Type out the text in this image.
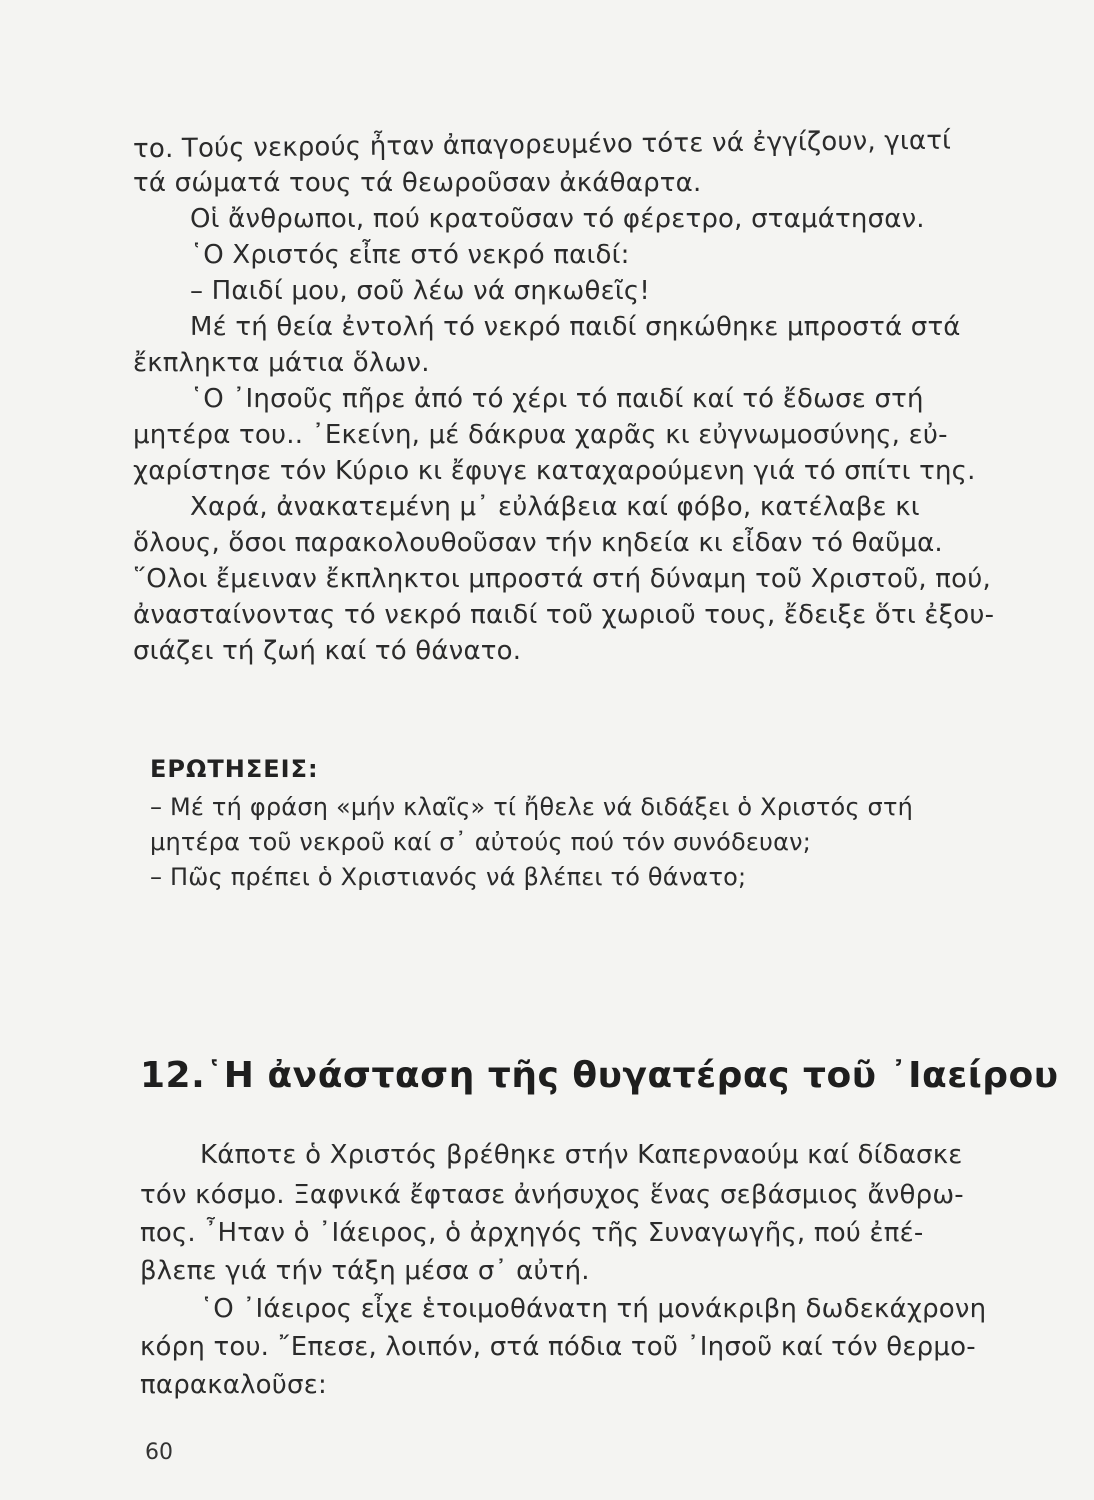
το. Τούς νεκρούς ἦταν ἀπαγορευμένο τότε νά ἐγγίζουν, γιατί
τά σώματά τους τά θεωροῦσαν ἀκάθαρτα.
Οἱ ἄνθρωποι, πού κρατοῦσαν τό φέρετρο, σταμάτησαν.
῾Ο Χριστός εἶπε στό νεκρό παιδί:
– Παιδί μου, σοῦ λέω νά σηκωθεῖς!
Μέ τή θεία ἐντολή τό νεκρό παιδί σηκώθηκε μπροστά στά
ἔκπληκτα μάτια ὅλων.
῾Ο ᾽Ιησοῦς πῆρε ἀπό τό χέρι τό παιδί καί τό ἔδωσε στή
μητέρα του.. ᾽Εκείνη, μέ δάκρυα χαρᾶς κι εὐγνωμοσύνης, εὐ-
χαρίστησε τόν Κύριο κι ἔφυγε καταχαρούμενη γιά τό σπίτι της.
Χαρά, ἀνακατεμένη μ᾽ εὐλάβεια καί φόβο, κατέλαβε κι
ὅλους, ὅσοι παρακολουθοῦσαν τήν κηδεία κι εἶδαν τό θαῦμα.
῞Ολοι ἔμειναν ἔκπληκτοι μπροστά στή δύναμη τοῦ Χριστοῦ, πού,
ἀνασταίνοντας τό νεκρό παιδί τοῦ χωριοῦ τους, ἔδειξε ὅτι ἐξου-
σιάζει τή ζωή καί τό θάνατο.
ΕΡΩΤΗΣΕΙΣ:
– Μέ τή φράση «μήν κλαῖς» τί ἤθελε νά διδάξει ὁ Χριστός στή
μητέρα τοῦ νεκροῦ καί σ᾽ αὐτούς πού τόν συνόδευαν;
– Πῶς πρέπει ὁ Χριστιανός νά βλέπει τό θάνατο;
12.῾Η ἀνάσταση τῆς θυγατέρας τοῦ ᾽Ιαείρου
Κάποτε ὁ Χριστός βρέθηκε στήν Καπερναούμ καί δίδασκε
τόν κόσμο. Ξαφνικά ἔφτασε ἀνήσυχος ἕνας σεβάσμιος ἄνθρω-
πος. ῏Ηταν ὁ ᾽Ιάειρος, ὁ ἀρχηγός τῆς Συναγωγῆς, πού ἐπέ-
βλεπε γιά τήν τάξη μέσα σ᾽ αὐτή.
῾Ο ᾽Ιάειρος εἶχε ἑτοιμοθάνατη τή μονάκριβη δωδεκάχρονη
κόρη του. ῎Επεσε, λοιπόν, στά πόδια τοῦ ᾽Ιησοῦ καί τόν θερμο-
παρακαλοῦσε:
60
